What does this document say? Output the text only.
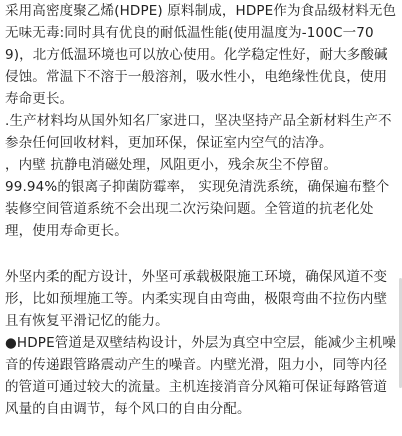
采用高密度聚乙烯(HDPE) 原料制成，HDPE作为食品级材料无色无味无毒:同时具有优良的耐低温性能(使用温度为-100C一709)，北方低温环境也可以放心使用。化学稳定性好，耐大多酸碱侵蚀。常温下不溶于一般溶剂，吸水性小，电绝缘性优良，使用寿命更长。

.生产材料均从国外知名厂家进口，坚决坚持产品全新材料生产不参杂任何回收材料，更加环保，保证室内空气的洁净。

，内壁 抗静电消磁处理，风阻更小，残余灰尘不停留。

99.94%的银离子抑菌防霉率， 实现免清洗系统，确保遍布整个装修空间管道系统不会出现二次污染问题。全管道的抗老化处理，使用寿命更长。

外坚内柔的配方设计，外坚可承载极限施工环境，确保风道不变形，比如预埋施工等。内柔实现自由弯曲，极限弯曲不拉伤内壁且有恢复平滑记忆的能力。

●HDPE管道是双壁结构设计，外层为真空中空层，能减少主机噪音的传递跟管路震动产生的噪音。内壁光滑，阻力小，同等内径的管道可通过较大的流量。主机连接消音分风箱可保证每路管道风量的自由调节，每个风口的自由分配。
